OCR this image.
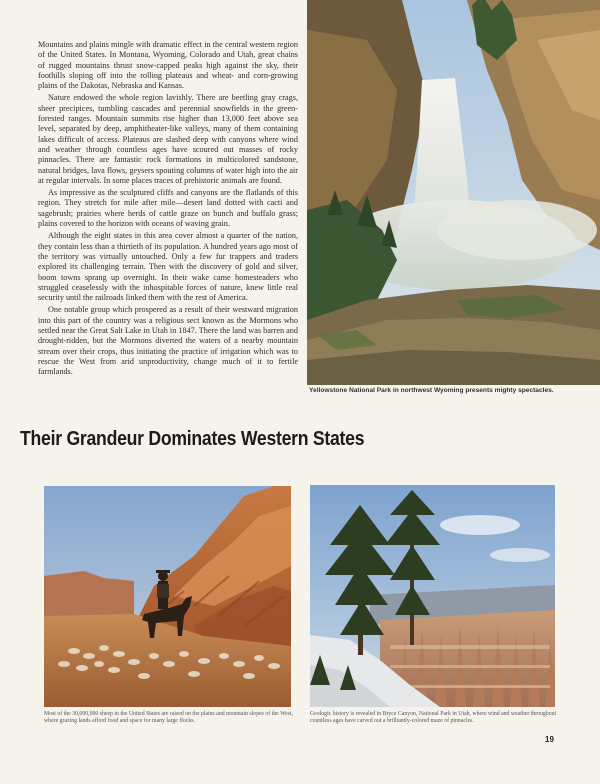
Mountains and plains mingle with dramatic effect in the central western region of the United States. In Montana, Wyoming, Colorado and Utah, great chains of rugged mountains thrust snow-capped peaks high against the sky, their foothills sloping off into the rolling plateaus and wheat- and corn-growing plains of the Dakotas, Nebraska and Kansas.

Nature endowed the whole region lavishly. There are beetling gray crags, sheer precipices, tumbling cascades and perennial snowfields in the green-forested ranges. Mountain summits rise higher than 13,000 feet above sea level, separated by deep, amphitheater-like valleys, many of them containing lakes difficult of access. Plateaus are slashed deep with canyons where wind and weather through countless ages have scoured out masses of rocky pinnacles. There are fantastic rock formations in multicolored sandstone, natural bridges, lava flows, geysers spouting columns of water high into the air at regular intervals. In some places traces of prehistoric animals are found.

As impressive as the sculptured cliffs and canyons are the flatlands of this region. They stretch for mile after mile—desert land dotted with cacti and sagebrush; prairies where herds of cattle graze on bunch and buffalo grass; plains covered to the horizon with oceans of waving grain.

Although the eight states in this area cover almost a quarter of the nation, they contain less than a thirtieth of its population. A hundred years ago most of the territory was virtually untouched. Only a few fur trappers and traders explored its challenging terrain. Then with the discovery of gold and silver, boom towns sprang up overnight. In their wake came homesteaders who struggled ceaselessly with the inhospitable forces of nature, knew little real security until the railroads linked them with the rest of America.

One notable group which prospered as a result of their westward migration into this part of the country was a religious sect known as the Mormons who settled near the Great Salt Lake in Utah in 1847. There the land was barren and drought-ridden, but the Mormons diverted the waters of a nearby mountain stream over their crops, thus initiating the practice of irrigation which was to rescue the West from arid unproductivity, change much of it to fertile farmlands.

Yellowstone National Park in northwest Wyoming presents mighty spectacles.
Their Grandeur Dominates Western States
Most of the 30,000,000 sheep in the United States are raised on the plains and mountain slopes of the West, where grazing lands afford food and space for many large flocks.
Geologic history is revealed in Bryce Canyon, National Park in Utah, where wind and weather throughout countless ages have carved out a brilliantly-colored maze of pinnacles.
19
